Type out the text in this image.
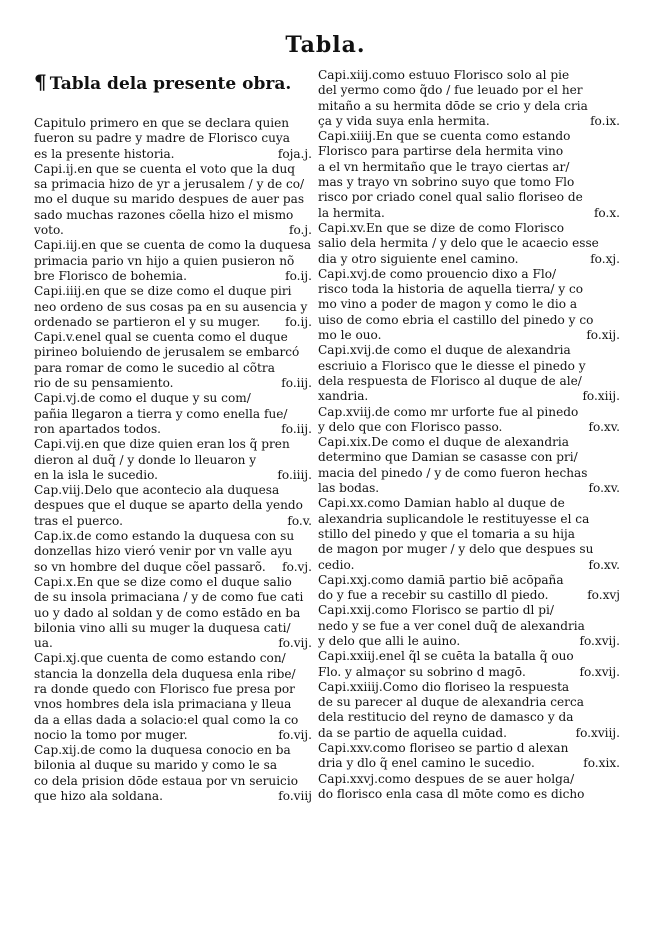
Tabla.
¶ Tabla dela presente obra.
Capitulo primero en que se declara quien
fueron su padre y madre de Florisco cuya
es la presente historia.	foja.j.
Capi.ij.en que se cuenta el voto que la duq
sa primacia hizo de yr a jerusalem / y de co/
mo el duque su marido despues de auer pas
sado muchas razones cõella hizo el mismo
voto.	fo.j.
Capi.iij.en que se cuenta de como la duquesa
primacia pario vn hijo a quien pusieron nõ
bre Florisco de bohemia.	fo.ij.
Capi.iiij.en que se dize como el duque piri
neo ordeno de sus cosas pa en su ausencia y
ordenado se partieron el y su muger.	fo.ij.
Capi.v.enel qual se cuenta como el duque
pirineo boluiendo de jerusalem se embarcó
para romar de como le sucedio al cõtra
rio de su pensamiento.	fo.iij.
Capi.vj.de como el duque y su com/
pañia llegaron a tierra y como enella fue/
ron apartados todos.	fo.iij.
Capi.vij.en que dize quien eran los q̃ pren
dieron al duq̃ / y donde lo lleuaron y
en la isla le sucedio.	fo.iiij.
Cap.viij.Delo que acontecio ala duquesa
despues que el duque se aparto della yendo
tras el puerco.	fo.v.
Cap.ix.de como estando la duquesa con su
donzellas hizo vieró venir por vn valle ayu
so vn hombre del duque cõel passarõ.	fo.vj.
Capi.x.En que se dize como el duque salio
de su insola primaciana / y de como fue cati
uo y dado al soldan y de como estādo en ba
bilonia vino alli su muger la duquesa cati/
ua.	fo.vij.
Capi.xj.que cuenta de como estando con/
stancia la donzella dela duquesa enla ribe/
ra donde quedo con Florisco fue presa por
vnos hombres dela isla primaciana y lleua
da a ellas dada a solacio:el qual como la co
nocio la tomo por muger.	fo.vij.
Cap.xij.de como la duquesa conocio en ba
bilonia al duque su marido y como le sa
co dela prision dōde estaua por vn seruicio
que hizo ala soldana.	fo.viij
Capi.xiij.como estuuo Florisco solo al pie
del yermo como q̃do / fue leuado por el her
mitaño a su hermita dōde se crio y dela cria
ça y vida suya enla hermita.	fo.ix.
Capi.xiiij.En que se cuenta como estando
Florisco para partirse dela hermita vino
a el vn hermitaño que le trayo ciertas ar/
mas y trayo vn sobrino suyo que tomo Flo
risco por criado conel qual salio floriseo de
la hermita.	fo.x.
Capi.xv.En que se dize de como Florisco
salio dela hermita / y delo que le acaecio esse
dia y otro siguiente enel camino.	fo.xj.
Capi.xvj.de como prouencio dixo a Flo/
risco toda la historia de aquella tierra/ y co
mo vino a poder de magon y como le dio a
uiso de como ebria el castillo del pinedo y co
mo le ouo.	fo.xij.
Capi.xvij.de como el duque de alexandria
escriuio a Florisco que le diesse el pinedo y
dela respuesta de Florisco al duque de ale/
xandria.	fo.xiij.
Cap.xviij.de como mr urforte fue al pinedo
y delo que con Florisco passo.	fo.xv.
Capi.xix.De como el duque de alexandria
determino que Damian se casasse con pri/
macia del pinedo / y de como fueron hechas
las bodas.	fo.xv.
Capi.xx.como Damian hablo al duque de
alexandria suplicandole le restituyesse el ca
stillo del pinedo y que el tomaria a su hija
de magon por muger / y delo que despues su
cedio.	fo.xv.
Capi.xxj.como damiā partio biē acōpaña
do y fue a recebir su castillo dl piedo.	fo.xvj
Capi.xxij.como Florisco se partio dl pi/
nedo y se fue a ver conel duq̃ de alexandria
y delo que alli le auino.	fo.xvij.
Capi.xxiij.enel q̃l se cuēta la batalla q̃ ouo
Flo. y almaçor su sobrino d magō.	fo.xvij.
Capi.xxiiij.Como dio floriseo la respuesta
de su parecer al duque de alexandria cerca
dela restitucio del reyno de damasco y da
da se partio de aquella cuidad.	fo.xviij.
Capi.xxv.como floriseo se partio d alexan
dria y dlo q̃ enel camino le sucedio.	fo.xix.
Capi.xxvj.como despues de se auer holga/
do florisco enla casa dl mōte como es dicho
